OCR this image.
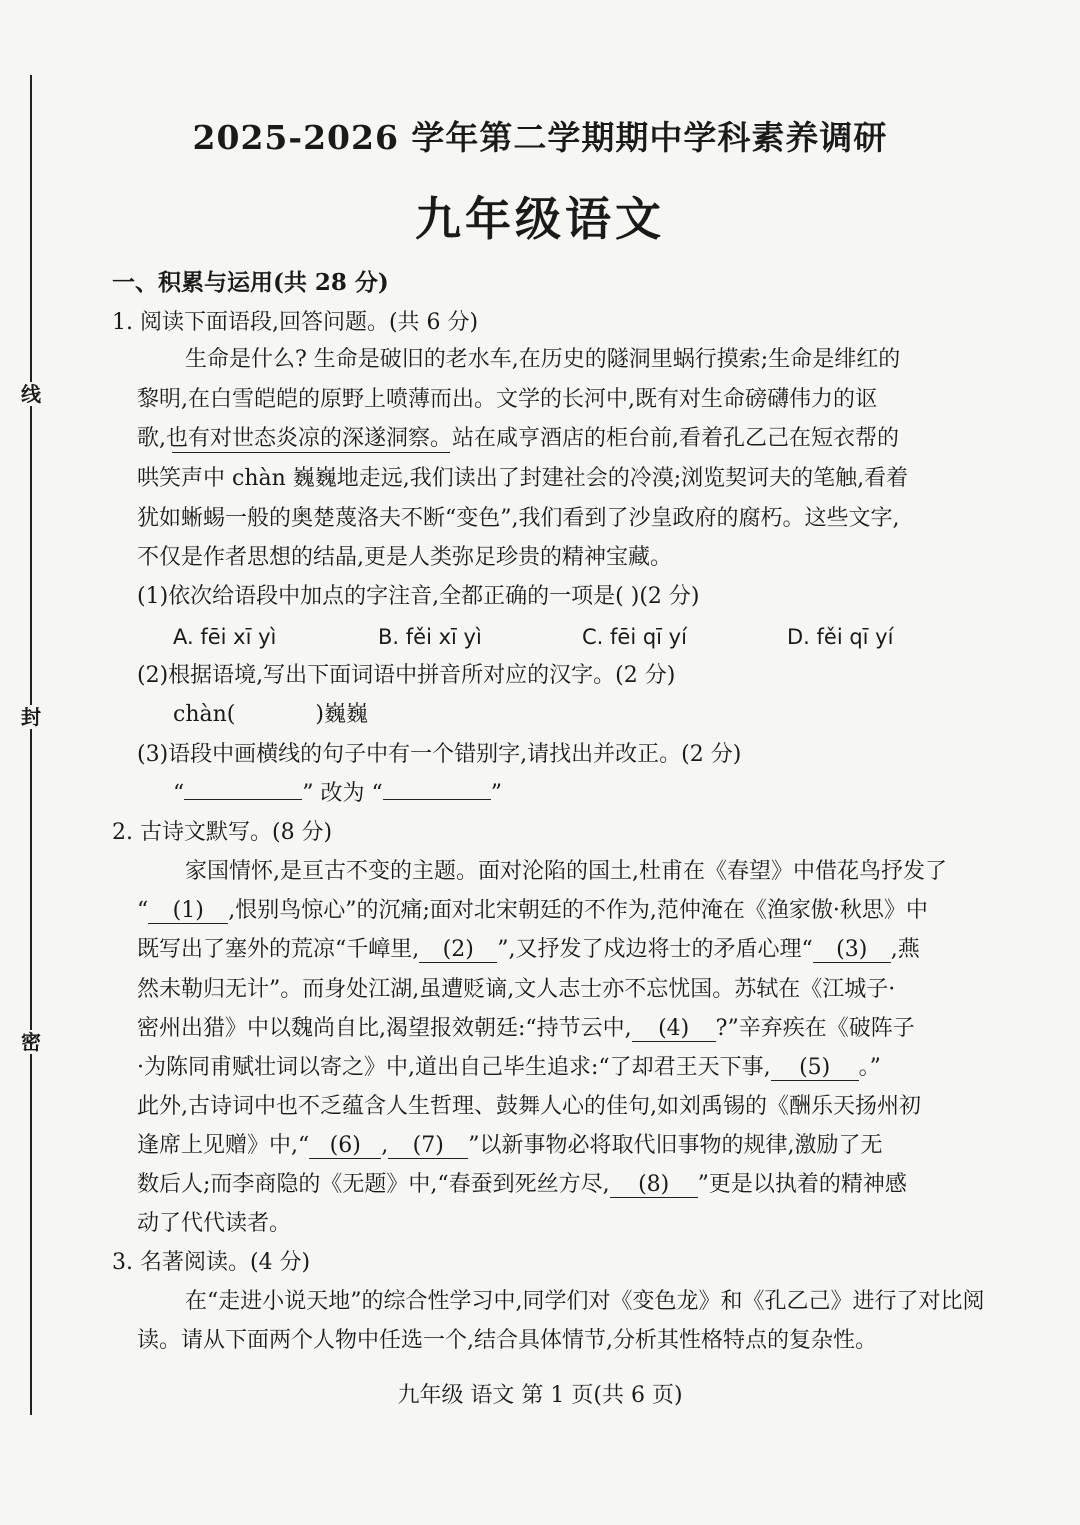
线
封
密
2025-2026 学年第二学期期中学科素养调研
九年级语文
一、积累与运用(共 28 分)
1. 阅读下面语段,回答问题。(共 6 分)
生命是什么? 生命是破旧的老水车,在历史的隧洞里蜗行摸索;生命是绯红的
黎明,在白雪皑皑的原野上喷薄而出。文学的长河中,既有对生命磅礴伟力的讴
歌,也有对世态炎凉的深遂洞察。站在咸亨酒店的柜台前,看着孔乙己在短衣帮的
哄笑声中 chàn 巍巍地走远,我们读出了封建社会的冷漠;浏览契诃夫的笔触,看着
犹如蜥蜴一般的奥楚蔑洛夫不断“变色”,我们看到了沙皇政府的腐朽。这些文字,
不仅是作者思想的结晶,更是人类弥足珍贵的精神宝藏。
(1)依次给语段中加点的字注音,全都正确的一项是( )(2 分)
A. fēi xī yì	B. fěi xī yì	C. fēi qī yí	D. fěi qī yí
(2)根据语境,写出下面词语中拼音所对应的汉字。(2 分)
chàn(	)巍巍
(3)语段中画横线的句子中有一个错别字,请找出并改正。(2 分)
“	” 改为 “	”
2. 古诗文默写。(8 分)
家国情怀,是亘古不变的主题。面对沦陷的国土,杜甫在《春望》中借花鸟抒发了
“ (1) ,恨别鸟惊心”的沉痛;面对北宋朝廷的不作为,范仲淹在《渔家傲·秋思》中
既写出了塞外的荒凉“千嶂里, (2) ”,又抒发了戍边将士的矛盾心理“ (3) ,燕
然未勒归无计”。而身处江湖,虽遭贬谪,文人志士亦不忘忧国。苏轼在《江城子·
密州出猎》中以魏尚自比,渴望报效朝廷:“持节云中, (4) ?”辛弃疾在《破阵子
·为陈同甫赋壮词以寄之》中,道出自己毕生追求:“了却君王天下事, (5) 。”
此外,古诗词中也不乏蕴含人生哲理、鼓舞人心的佳句,如刘禹锡的《酬乐天扬州初
逢席上见赠》中,“ (6) , (7) ”以新事物必将取代旧事物的规律,激励了无
数后人;而李商隐的《无题》中,“春蚕到死丝方尽, (8) ”更是以执着的精神感
动了代代读者。
3. 名著阅读。(4 分)
在“走进小说天地”的综合性学习中,同学们对《变色龙》和《孔乙己》进行了对比阅
读。请从下面两个人物中任选一个,结合具体情节,分析其性格特点的复杂性。
九年级 语文 第 1 页(共 6 页)
